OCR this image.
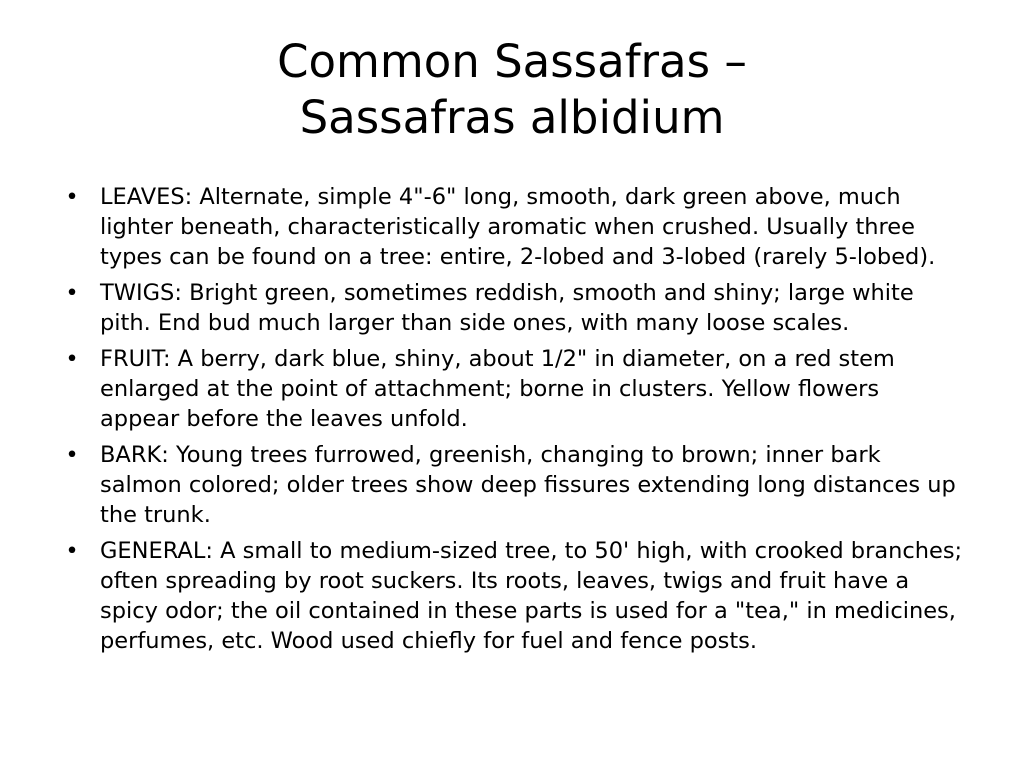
Common Sassafras –
Sassafras albidium
• LEAVES: Alternate, simple 4"-6" long, smooth, dark green above, much lighter beneath, characteristically aromatic when crushed. Usually three types can be found on a tree: entire, 2-lobed and 3-lobed (rarely 5-lobed).
• TWIGS: Bright green, sometimes reddish, smooth and shiny; large white pith. End bud much larger than side ones, with many loose scales.
• FRUIT: A berry, dark blue, shiny, about 1/2" in diameter, on a red stem enlarged at the point of attachment; borne in clusters. Yellow flowers appear before the leaves unfold.
• BARK: Young trees furrowed, greenish, changing to brown; inner bark salmon colored; older trees show deep fissures extending long distances up the trunk.
• GENERAL: A small to medium-sized tree, to 50' high, with crooked branches; often spreading by root suckers. Its roots, leaves, twigs and fruit have a spicy odor; the oil contained in these parts is used for a "tea," in medicines, perfumes, etc. Wood used chiefly for fuel and fence posts.
